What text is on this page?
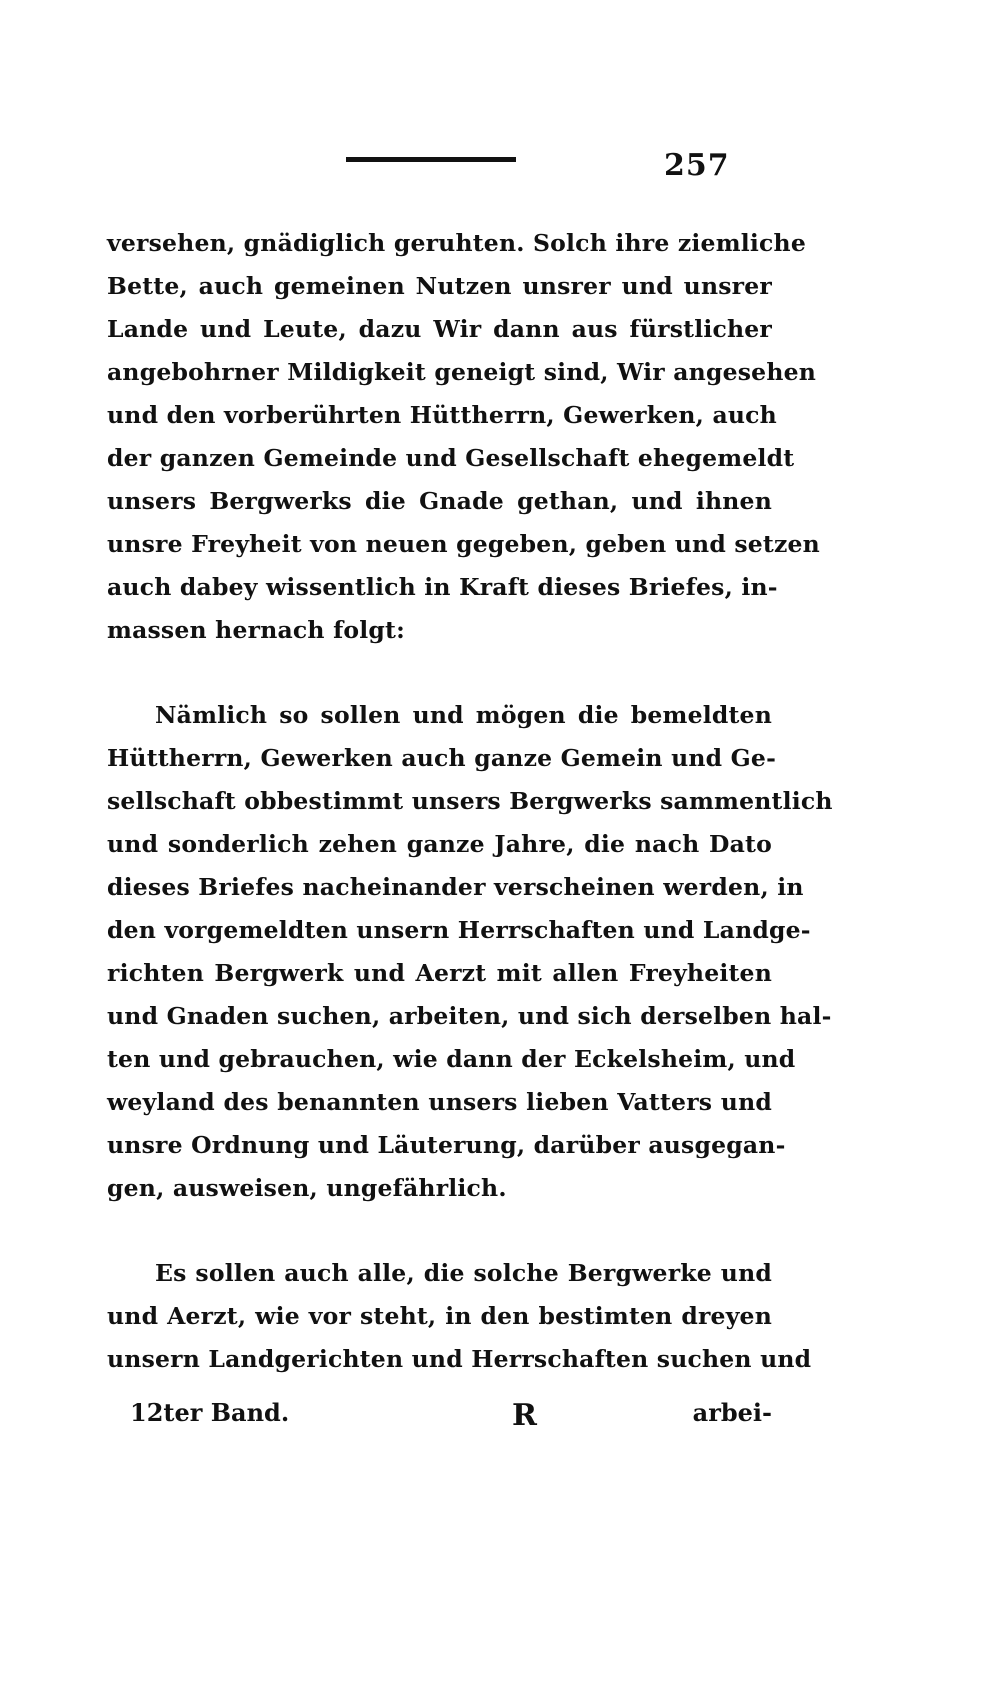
257
versehen, gnädiglich geruhten. Solch ihre ziemliche
Bette, auch gemeinen Nutzen unsrer und unsrer
Lande und Leute, dazu Wir dann aus fürstlicher
angebohrner Mildigkeit geneigt sind, Wir angesehen
und den vorberührten Hüttherrn, Gewerken, auch
der ganzen Gemeinde und Gesellschaft ehegemeldt
unsers Bergwerks die Gnade gethan, und ihnen
unsre Freyheit von neuen gegeben, geben und setzen
auch dabey wissentlich in Kraft dieses Briefes, in-
massen hernach folgt:
Nämlich so sollen und mögen die bemeldten
Hüttherrn, Gewerken auch ganze Gemein und Ge-
sellschaft obbestimmt unsers Bergwerks sammentlich
und sonderlich zehen ganze Jahre, die nach Dato
dieses Briefes nacheinander verscheinen werden, in
den vorgemeldten unsern Herrschaften und Landge-
richten Bergwerk und Aerzt mit allen Freyheiten
und Gnaden suchen, arbeiten, und sich derselben hal-
ten und gebrauchen, wie dann der Eckelsheim, und
weyland des benannten unsers lieben Vatters und
unsre Ordnung und Läuterung, darüber ausgegan-
gen, ausweisen, ungefährlich.
Es sollen auch alle, die solche Bergwerke und
und Aerzt, wie vor steht, in den bestimten dreyen
unsern Landgerichten und Herrschaften suchen und
12ter Band.	R	arbei-
